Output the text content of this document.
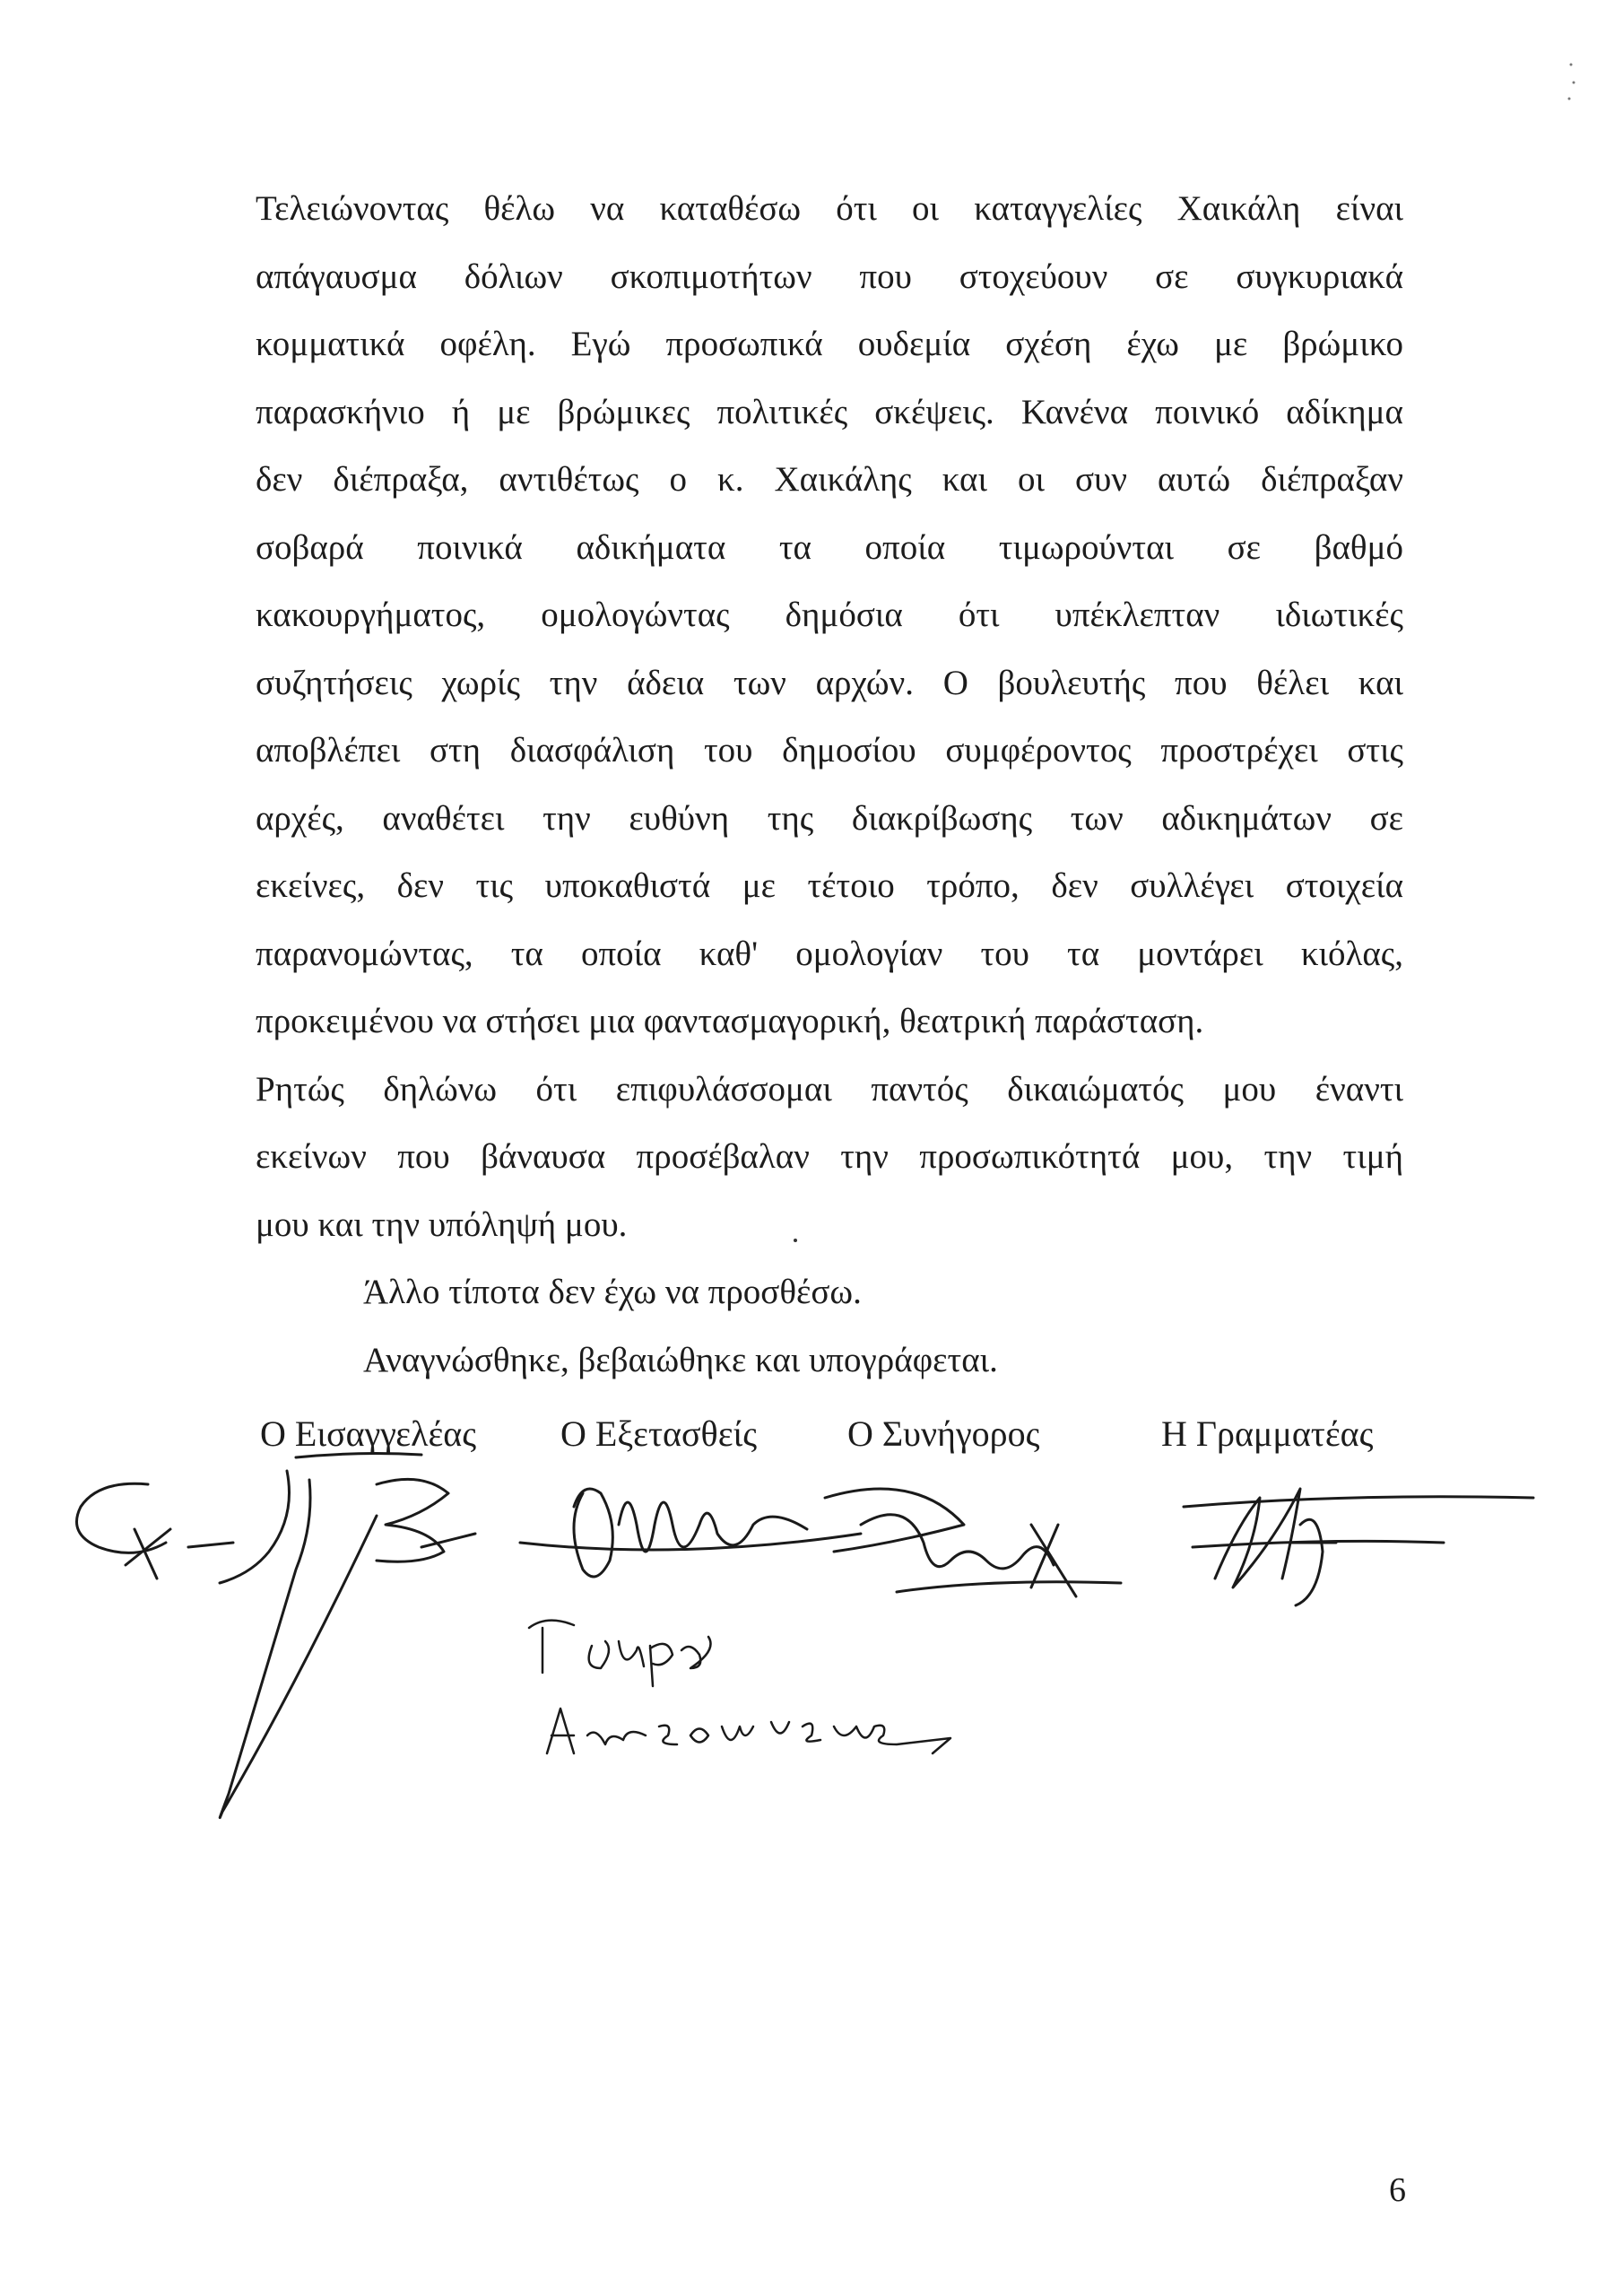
Τελειώνοντας θέλω να καταθέσω ότι οι καταγγελίες Χαικάλη είναι
απάγαυσμα δόλιων σκοπιμοτήτων που στοχεύουν σε συγκυριακά
κομματικά οφέλη. Εγώ προσωπικά ουδεμία σχέση έχω με βρώμικο
παρασκήνιο ή με βρώμικες πολιτικές σκέψεις. Κανένα ποινικό αδίκημα
δεν διέπραξα, αντιθέτως ο κ. Χαικάλης και οι συν αυτώ διέπραξαν
σοβαρά ποινικά αδικήματα τα οποία τιμωρούνται σε βαθμό
κακουργήματος, ομολογώντας δημόσια ότι υπέκλεπταν ιδιωτικές
συζητήσεις χωρίς την άδεια των αρχών. Ο βουλευτής που θέλει και
αποβλέπει στη διασφάλιση του δημοσίου συμφέροντος προστρέχει στις
αρχές, αναθέτει την ευθύνη της διακρίβωσης των αδικημάτων σε
εκείνες, δεν τις υποκαθιστά με τέτοιο τρόπο, δεν συλλέγει στοιχεία
παρανομώντας, τα οποία καθ' ομολογίαν του τα μοντάρει κιόλας,
προκειμένου να στήσει μια φαντασμαγορική, θεατρική παράσταση.
Ρητώς δηλώνω ότι επιφυλάσσομαι παντός δικαιώματός μου έναντι
εκείνων που βάναυσα προσέβαλαν την προσωπικότητά μου, την τιμή
μου και την υπόληψή μου.
Άλλο τίποτα δεν έχω να προσθέσω.
Αναγνώσθηκε, βεβαιώθηκε και υπογράφεται.
Ο Εισαγγελέας Ο Εξετασθείς	Ο Συνήγορος	Η Γραμματέας
Γιωργος
Αναγνωστοπουλος
6
